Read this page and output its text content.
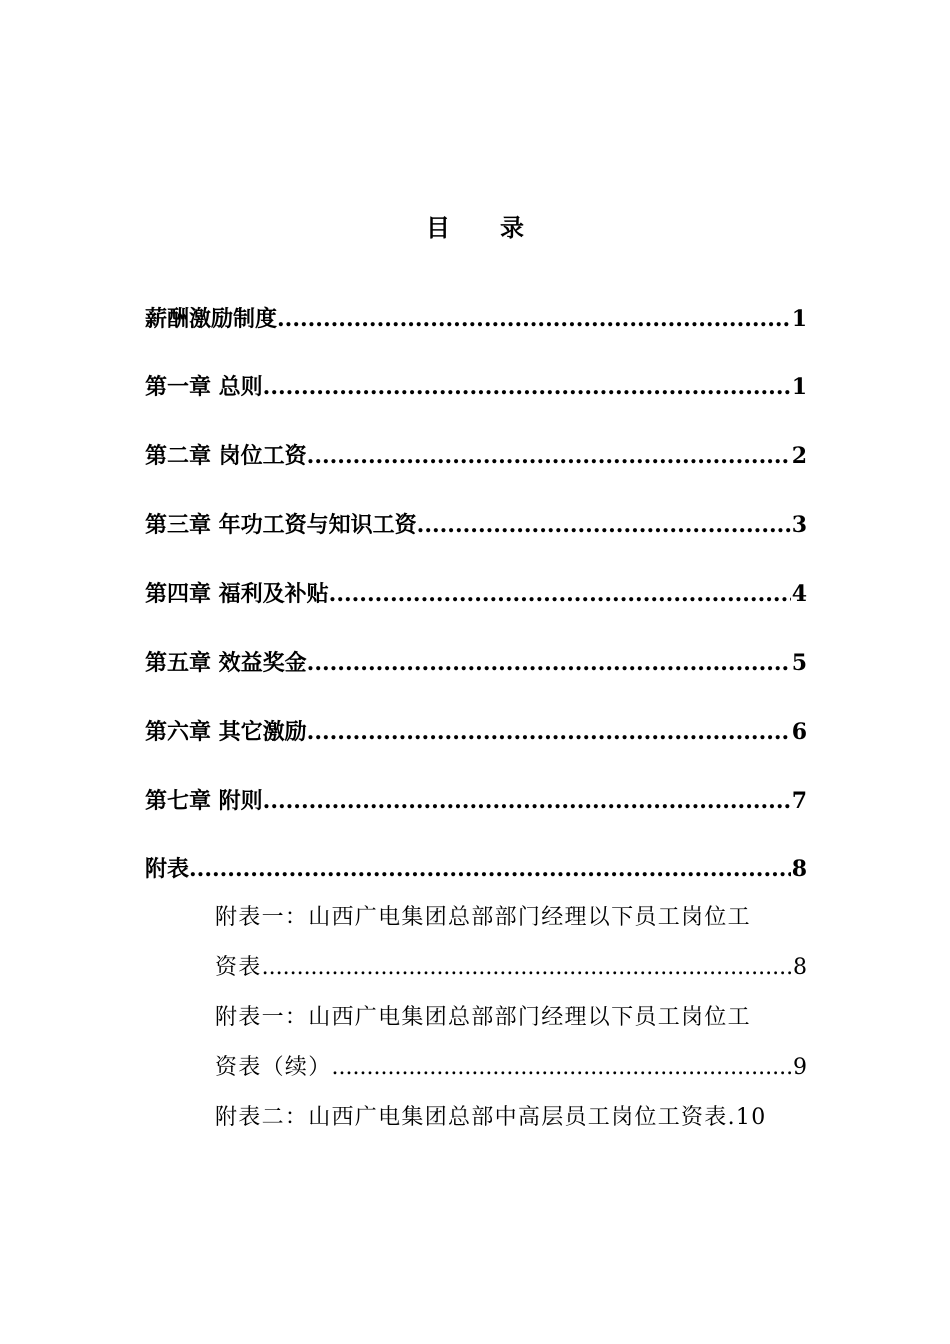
目 录
薪酬激励制度 .....	1
第一章 总则 .....	1
第二章 岗位工资 .....	2
第三章 年功工资与知识工资 .....	3
第四章 福利及补贴 .....	4
第五章 效益奖金 .....	5
第六章 其它激励 .....	6
第七章 附则 .....	7
附表 .....	8
附表一：山西广电集团总部部门经理以下员工岗位工
资表 .....	8
附表一：山西广电集团总部部门经理以下员工岗位工
资表（续） .....	9
附表二：山西广电集团总部中高层员工岗位工资表.10
